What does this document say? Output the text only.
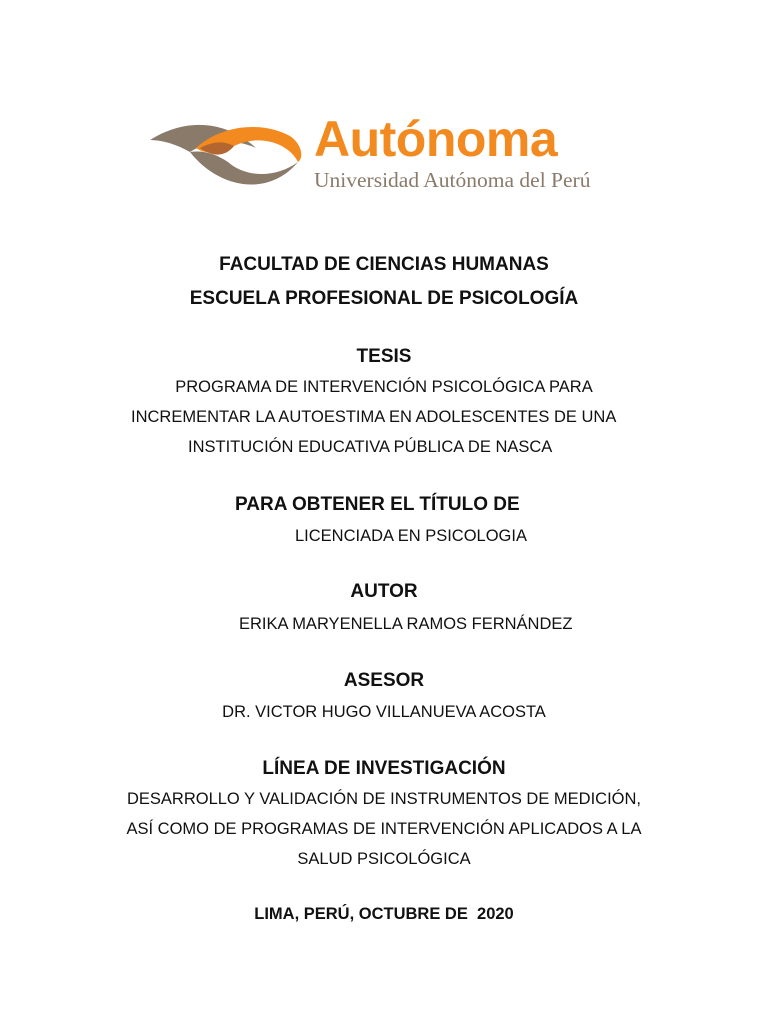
Autónoma
Universidad Autónoma del Perú
FACULTAD DE CIENCIAS HUMANAS
ESCUELA PROFESIONAL DE PSICOLOGÍA
TESIS
PROGRAMA DE INTERVENCIÓN PSICOLÓGICA PARA
INCREMENTAR LA AUTOESTIMA EN ADOLESCENTES DE UNA
INSTITUCIÓN EDUCATIVA PÚBLICA DE NASCA
PARA OBTENER EL TÍTULO DE
LICENCIADA EN PSICOLOGIA
AUTOR
ERIKA MARYENELLA RAMOS FERNÁNDEZ
ASESOR
DR. VICTOR HUGO VILLANUEVA ACOSTA
LÍNEA DE INVESTIGACIÓN
DESARROLLO Y VALIDACIÓN DE INSTRUMENTOS DE MEDICIÓN,
ASÍ COMO DE PROGRAMAS DE INTERVENCIÓN APLICADOS A LA
SALUD PSICOLÓGICA
LIMA, PERÚ, OCTUBRE DE  2020
